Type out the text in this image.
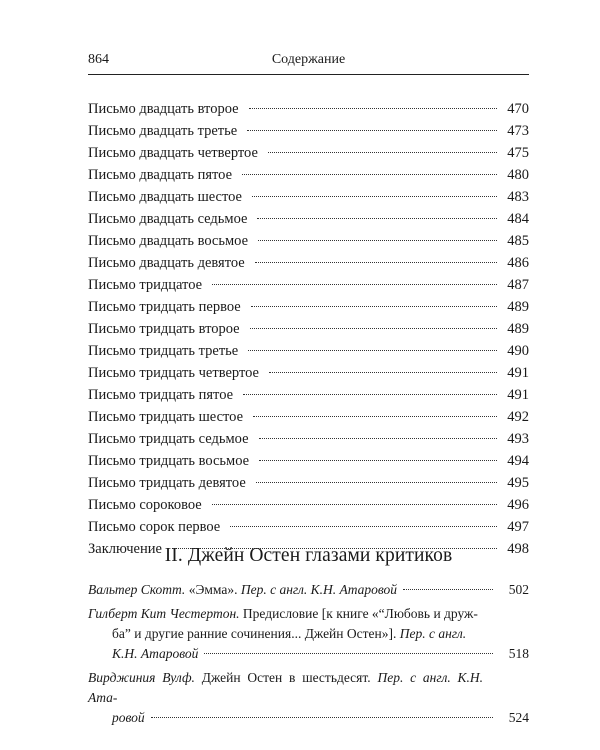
864	Содержание
Письмо двадцать второе	470
Письмо двадцать третье	473
Письмо двадцать четвертое	475
Письмо двадцать пятое	480
Письмо двадцать шестое	483
Письмо двадцать седьмое	484
Письмо двадцать восьмое	485
Письмо двадцать девятое	486
Письмо тридцатое	487
Письмо тридцать первое	489
Письмо тридцать второе	489
Письмо тридцать третье	490
Письмо тридцать четвертое	491
Письмо тридцать пятое	491
Письмо тридцать шестое	492
Письмо тридцать седьмое	493
Письмо тридцать восьмое	494
Письмо тридцать девятое	495
Письмо сороковое	496
Письмо сорок первое	497
Заключение	498
II. Джейн Остен глазами критиков
Вальтер Скотт. «Эмма». Пер. с англ. К.Н. Атаровой	502
Гилберт Кит Честертон. Предисловие [к книге «“Любовь и друж-
ба” и другие ранние сочинения... Джейн Остен»]. Пер. с англ.
К.Н. Атаровой	518
Вирджиния Вулф. Джейн Остен в шестьдесят. Пер. с англ. К.Н. Ата-
ровой	524
